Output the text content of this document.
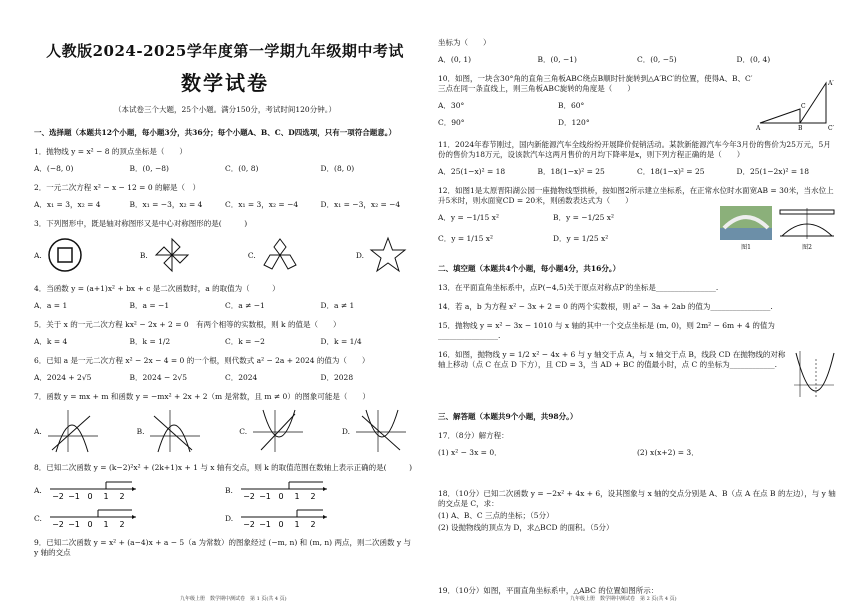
人教版2024-2025学年度第一学期九年级期中考试
数学试卷
（本试卷三个大题，25个小题。满分150分，考试时间120分钟。）
一、选择题（本题共12个小题，每小题3分，共36分；每个小题A、B、C、D四选项，只有一项符合题意。）
1．抛物线 y = x² − 8 的顶点坐标是（　　）
A．(−8, 0)	B．(0, −8)	C．(0, 8)	D．(8, 0)
2．一元二次方程 x² − x − 12 = 0 的解是（　）
A．x₁ = 3，x₂ = 4	B．x₁ = −3，x₂ = 4	C．x₁ = 3，x₂ = −4	D．x₁ = −3，x₂ = −4
3．下列图形中，既是轴对称图形又是中心对称图形的是(　　　)
A.	B.	C.	D.
4．当函数 y = (a+1)x² + bx + c 是二次函数时，a 的取值为（　　　）
A．a = 1	B．a = −1	C．a ≠ −1	D．a ≠ 1
5．关于 x 的一元二次方程 kx² − 2x + 2 = 0　有两个相等的实数根，则 k 的值是（　　）
A．k = 4	B．k = 1/2	C．k = −2	D．k = 1/4
6．已知 a 是一元二次方程 x² − 2x − 4 = 0 的一个根，则代数式 a² − 2a + 2024 的值为（　　）
A．2024 + 2√5	B．2024 − 2√5	C．2024	D．2028
7．函数 y = mx + m 和函数 y = −mx² + 2x + 2（m 是常数，且 m ≠ 0）的图象可能是（　　）
A.	B.	C.	D.
8．已知二次函数 y = (k−2)²x² + (2k+1)x + 1 与 x 轴有交点，则 k 的取值范围在数轴上表示正确的是(　　　)
A.
−2 −1 0 1 2
B.
−2 −1 0 1 2
C.
−2 −1 0 1 2
D.
−2 −1 0 1 2
9．已知二次函数 y = x² + (a−4)x + a − 5（a 为常数）的图象经过 (−m, n) 和 (m, n) 两点，则二次函数 y 与 y 轴的交点
九年级上册　数学期中测试卷　第 1 页(共 4 页)
坐标为（　　）
A．(0, 1)	B．(0, −1)	C．(0, −5)	D．(0, 4)
10．如图，一块含30°角的直角三角板ABC绕点B顺时针旋转到△A′BC′的位置，使得A、B、C′三点在同一条直线上，则三角板ABC旋转的角度是（　　）
A．30°	B．60°
C．90°	D．120°
A	B
C
A′
C′
11．2024年春节刚过，国内新能源汽车全线纷纷开展降价促销活动。某款新能源汽车今年3月份的售价为25万元，5月份的售价为18万元，设该款汽车这两月售价的月均下降率是x，则下列方程正确的是（　　）
A．25(1−x)² = 18	B．18(1−x)² = 25	C．18(1−x)² = 25	D．25(1−2x)² = 18
12．如图1是太原晋阳湖公园一座抛物线型拱桥，按如图2所示建立坐标系，在正常水位时水面宽AB = 30米，当水位上升5米时，则水面宽CD = 20米，则函数表达式为（　　）
A．y = −1/15 x²	B．y = −1/25 x²
C．y = 1/15 x²	D．y = 1/25 x²
图1	图2
二、填空题（本题共4个小题，每小题4分，共16分。）
13．在平面直角坐标系中，点P(−4,5)关于原点对称点P′的坐标是________________.
14．若 a，b 为方程 x² − 3x + 2 = 0 的两个实数根，则 a² − 3a + 2ab 的值为________________.
15．抛物线 y = x² − 3x − 1010 与 x 轴的其中一个交点坐标是 (m, 0)，则 2m² − 6m + 4 的值为________________.
16．如图，抛物线 y = 1/2 x² − 4x + 6 与 y 轴交于点 A，与 x 轴交于点 B，线段 CD 在抛物线的对称轴上移动（点 C 在点 D 下方），且 CD = 3，当 AD + BC 的值最小时，点 C 的坐标为____________.
三、解答题（本题共9个小题，共98分。）
17．（8分）解方程：
(1) x² − 3x = 0．	(2) x(x+2) = 3．
18．（10分）已知二次函数 y = −2x² + 4x + 6，设其图象与 x 轴的交点分别是 A、B（点 A 在点 B 的左边），与 y 轴的交点是 C，求：
(1) A、B、C 三点的坐标；（5分）
(2) 设抛物线的顶点为 D，求△BCD 的面积。（5分）
19．（10分）如图，平面直角坐标系中，△ABC 的位置如图所示：
九年级上册　数学期中测试卷　第 2 页(共 4 页)
